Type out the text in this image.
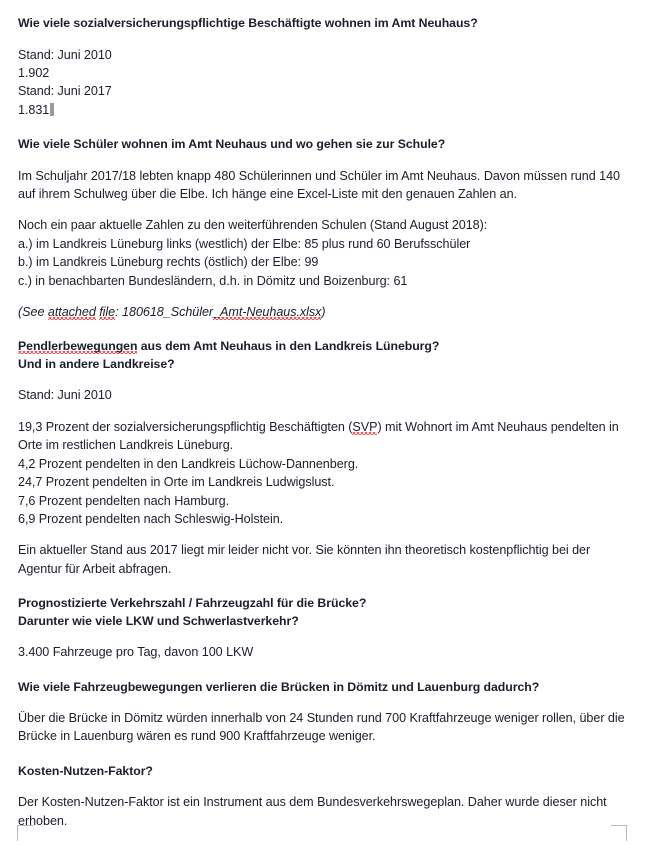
Wie viele sozialversicherungspflichtige Beschäftigte wohnen im Amt Neuhaus?

Stand: Juni 2010

1.902

Stand: Juni 2017

1.831

Wie viele Schüler wohnen im Amt Neuhaus und wo gehen sie zur Schule?

Im Schuljahr 2017/18 lebten knapp 480 Schülerinnen und Schüler im Amt Neuhaus. Davon müssen rund 140 auf ihrem Schulweg über die Elbe. Ich hänge eine Excel-Liste mit den genauen Zahlen an.

Noch ein paar aktuelle Zahlen zu den weiterführenden Schulen (Stand August 2018):

a.) im Landkreis Lüneburg links (westlich) der Elbe: 85 plus rund 60 Berufsschüler

b.) im Landkreis Lüneburg rechts (östlich) der Elbe: 99

c.) in benachbarten Bundesländern, d.h. in Dömitz und Boizenburg: 61

(See attached file: 180618_Schüler_Amt-Neuhaus.xlsx)

Pendlerbewegungen aus dem Amt Neuhaus in den Landkreis Lüneburg?

Und in andere Landkreise?

Stand: Juni 2010

19,3 Prozent der sozialversicherungspflichtig Beschäftigten (SVP) mit Wohnort im Amt Neuhaus pendelten in Orte im restlichen Landkreis Lüneburg.

4,2 Prozent pendelten in den Landkreis Lüchow-Dannenberg.

24,7 Prozent pendelten in Orte im Landkreis Ludwigslust.

7,6 Prozent pendelten nach Hamburg.

6,9 Prozent pendelten nach Schleswig-Holstein.

Ein aktueller Stand aus 2017 liegt mir leider nicht vor. Sie könnten ihn theoretisch kostenpflichtig bei der Agentur für Arbeit abfragen.

Prognostizierte Verkehrszahl / Fahrzeugzahl für die Brücke?

Darunter wie viele LKW und Schwerlastverkehr?

3.400 Fahrzeuge pro Tag, davon 100 LKW

Wie viele Fahrzeugbewegungen verlieren die Brücken in Dömitz und Lauenburg dadurch?

Über die Brücke in Dömitz würden innerhalb von 24 Stunden rund 700 Kraftfahrzeuge weniger rollen, über die Brücke in Lauenburg wären es rund 900 Kraftfahrzeuge weniger.

Kosten-Nutzen-Faktor?

Der Kosten-Nutzen-Faktor ist ein Instrument aus dem Bundesverkehrswegeplan. Daher wurde dieser nicht erhoben.
